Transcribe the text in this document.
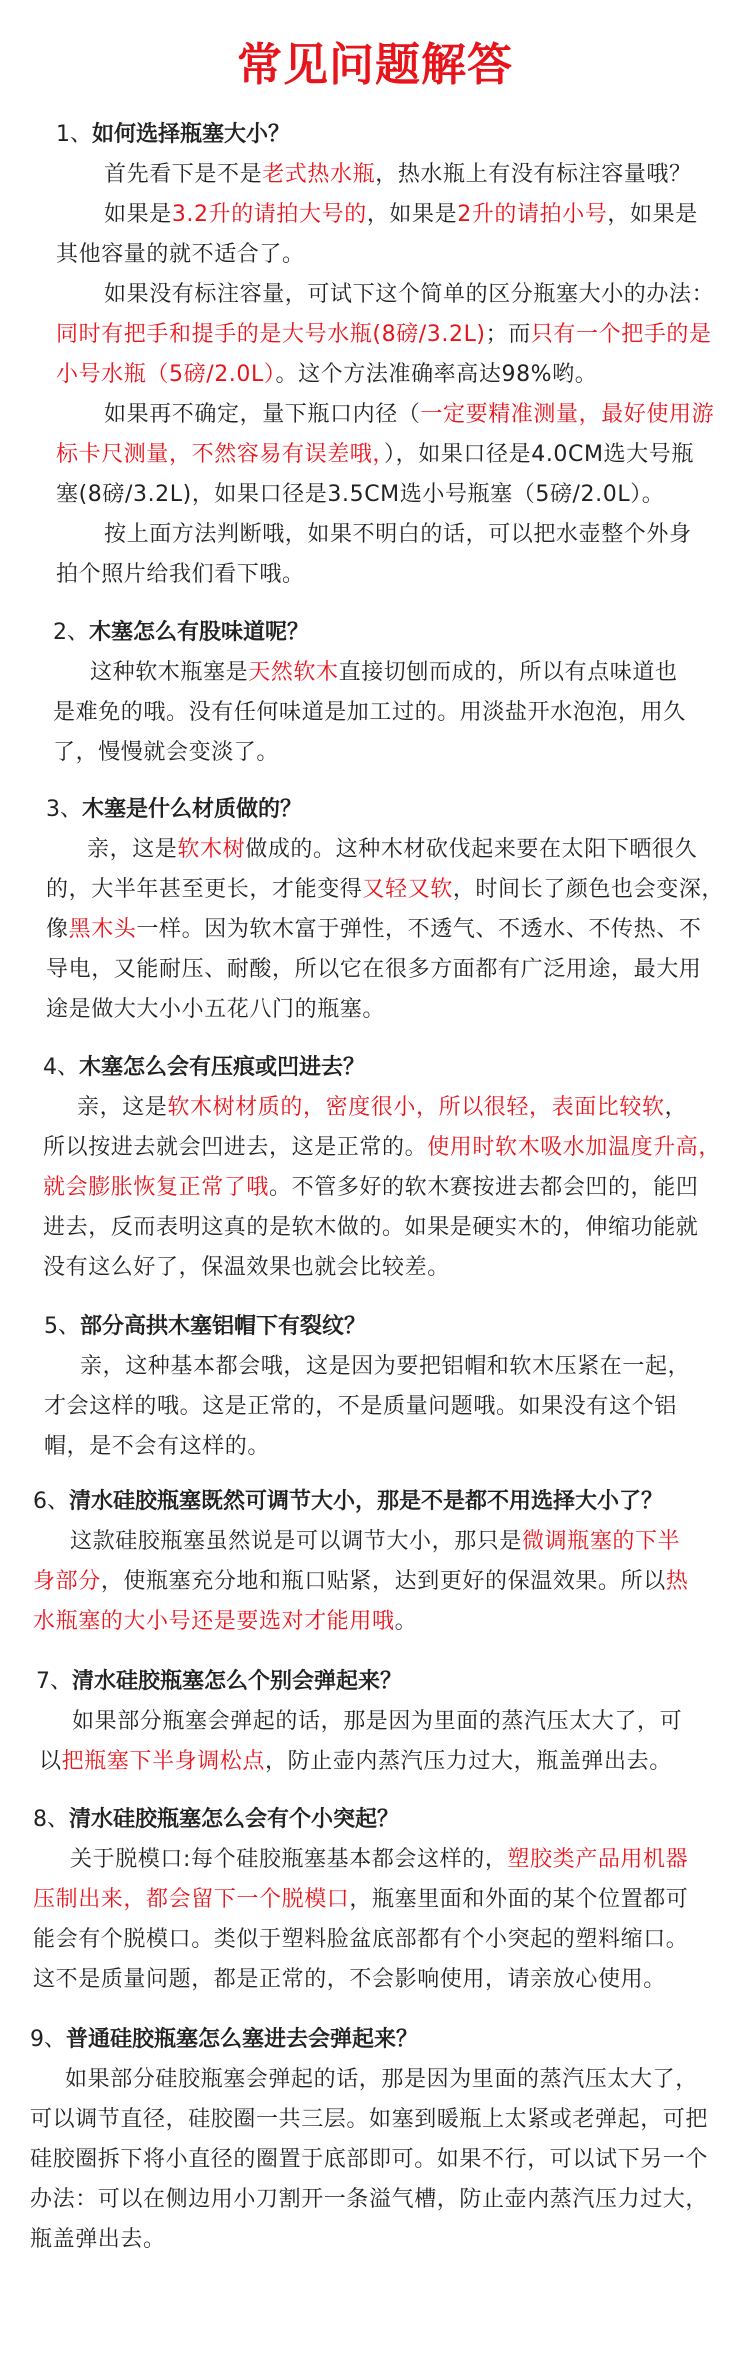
常见问题解答
1、如何选择瓶塞大小？
首先看下是不是老式热水瓶，热水瓶上有没有标注容量哦？
如果是3.2升的请拍大号的，如果是2升的请拍小号，如果是
其他容量的就不适合了。
如果没有标注容量，可试下这个简单的区分瓶塞大小的办法：
同时有把手和提手的是大号水瓶(8磅/3.2L)；而只有一个把手的是
小号水瓶（5磅/2.0L）。这个方法准确率高达98%哟。
如果再不确定，量下瓶口内径（一定要精准测量，最好使用游
标卡尺测量，不然容易有误差哦，），如果口径是4.0CM选大号瓶
塞(8磅/3.2L)，如果口径是3.5CM选小号瓶塞（5磅/2.0L）。
按上面方法判断哦，如果不明白的话，可以把水壶整个外身
拍个照片给我们看下哦。
2、木塞怎么有股味道呢？
这种软木瓶塞是天然软木直接切刨而成的，所以有点味道也
是难免的哦。没有任何味道是加工过的。用淡盐开水泡泡，用久
了，慢慢就会变淡了。
3、木塞是什么材质做的？
亲，这是软木树做成的。这种木材砍伐起来要在太阳下晒很久
的，大半年甚至更长，才能变得又轻又软，时间长了颜色也会变深，
像黑木头一样。因为软木富于弹性，不透气、不透水、不传热、不
导电，又能耐压、耐酸，所以它在很多方面都有广泛用途，最大用
途是做大大小小五花八门的瓶塞。
4、木塞怎么会有压痕或凹进去？
亲，这是软木树材质的，密度很小，所以很轻，表面比较软，
所以按进去就会凹进去，这是正常的。使用时软木吸水加温度升高，
就会膨胀恢复正常了哦。不管多好的软木赛按进去都会凹的，能凹
进去，反而表明这真的是软木做的。如果是硬实木的，伸缩功能就
没有这么好了，保温效果也就会比较差。
5、部分高拱木塞铝帽下有裂纹？
亲，这种基本都会哦，这是因为要把铝帽和软木压紧在一起，
才会这样的哦。这是正常的，不是质量问题哦。如果没有这个铝
帽，是不会有这样的。
6、清水硅胶瓶塞既然可调节大小，那是不是都不用选择大小了？
这款硅胶瓶塞虽然说是可以调节大小，那只是微调瓶塞的下半
身部分，使瓶塞充分地和瓶口贴紧，达到更好的保温效果。所以热
水瓶塞的大小号还是要选对才能用哦。
7、清水硅胶瓶塞怎么个别会弹起来？
如果部分瓶塞会弹起的话，那是因为里面的蒸汽压太大了，可
以把瓶塞下半身调松点，防止壶内蒸汽压力过大，瓶盖弹出去。
8、清水硅胶瓶塞怎么会有个小突起？
关于脱模口:每个硅胶瓶塞基本都会这样的，塑胶类产品用机器
压制出来，都会留下一个脱模口，瓶塞里面和外面的某个位置都可
能会有个脱模口。类似于塑料脸盆底部都有个小突起的塑料缩口。
这不是质量问题，都是正常的，不会影响使用，请亲放心使用。
9、普通硅胶瓶塞怎么塞进去会弹起来？
如果部分硅胶瓶塞会弹起的话，那是因为里面的蒸汽压太大了，
可以调节直径，硅胶圈一共三层。如塞到暖瓶上太紧或老弹起，可把
硅胶圈拆下将小直径的圈置于底部即可。如果不行，可以试下另一个
办法：可以在侧边用小刀割开一条溢气槽，防止壶内蒸汽压力过大，
瓶盖弹出去。
